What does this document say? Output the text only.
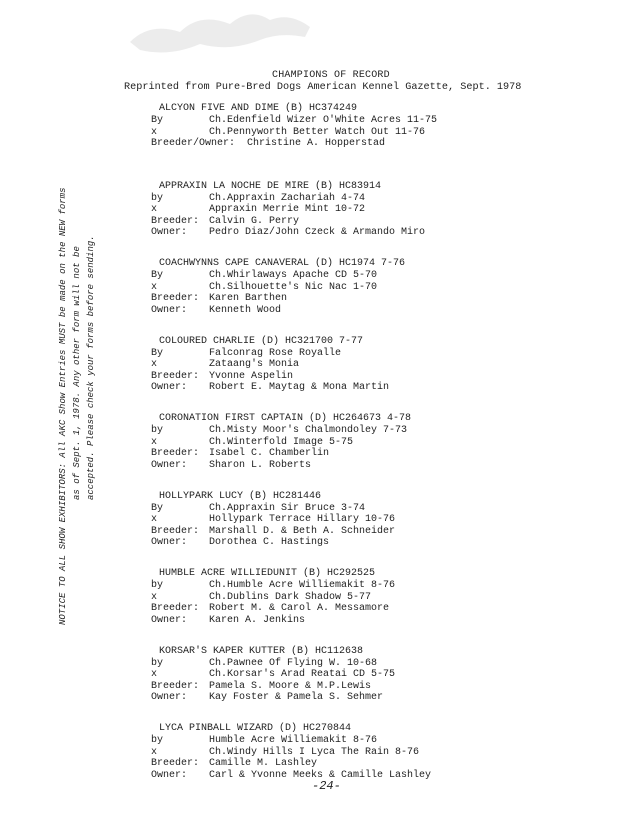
CHAMPIONS OF RECORD
Reprinted from Pure-Bred Dogs American Kennel Gazette, Sept. 1978
NOTICE TO ALL SHOW EXHIBITORS: All AKC Show Entries MUST be made on the NEW forms as of Sept. 1, 1978. Any other form will not be accepted. Please check your forms before sending.
ALCYON FIVE AND DIME (B) HC374249
By	Ch.Edenfield Wizer O'White Acres 11-75
x	Ch.Pennyworth Better Watch Out 11-76
Breeder/Owner: Christine A. Hopperstad
APPRAXIN LA NOCHE DE MIRE (B) HC83914
by	Ch.Appraxin Zachariah 4-74
x	Appraxin Merrie Mint 10-72
Breeder: Calvin G. Perry
Owner: Pedro Diaz/John Czeck & Armando Miro
COACHWYNNS CAPE CANAVERAL (D) HC1974 7-76
By	Ch.Whirlaways Apache CD 5-70
x	Ch.Silhouette's Nic Nac 1-70
Breeder: Karen Barthen
Owner: Kenneth Wood
COLOURED CHARLIE (D) HC321700 7-77
By	Falconrag Rose Royalle
x	Zataang's Monia
Breeder: Yvonne Aspelin
Owner: Robert E. Maytag & Mona Martin
CORONATION FIRST CAPTAIN (D) HC264673 4-78
by	Ch.Misty Moor's Chalmondoley 7-73
x	Ch.Winterfold Image 5-75
Breeder: Isabel C. Chamberlin
Owner: Sharon L. Roberts
HOLLYPARK LUCY (B) HC281446
By	Ch.Appraxin Sir Bruce 3-74
x	Hollypark Terrace Hillary 10-76
Breeder: Marshall D. & Beth A. Schneider
Owner: Dorothea C. Hastings
HUMBLE ACRE WILLIEDUNIT (B) HC292525
by	Ch.Humble Acre Williemakit 8-76
x	Ch.Dublins Dark Shadow 5-77
Breeder: Robert M. & Carol A. Messamore
Owner: Karen A. Jenkins
KORSAR'S KAPER KUTTER (B) HC112638
by	Ch.Pawnee Of Flying W. 10-68
x	Ch.Korsar's Arad Reatai CD 5-75
Breeder: Pamela S. Moore & M.P.Lewis
Owner: Kay Foster & Pamela S. Sehmer
LYCA PINBALL WIZARD (D) HC270844
by	Humble Acre Williemakit 8-76
x	Ch.Windy Hills I Lyca The Rain 8-76
Breeder: Camille M. Lashley
Owner: Carl & Yvonne Meeks & Camille Lashley
-24-
